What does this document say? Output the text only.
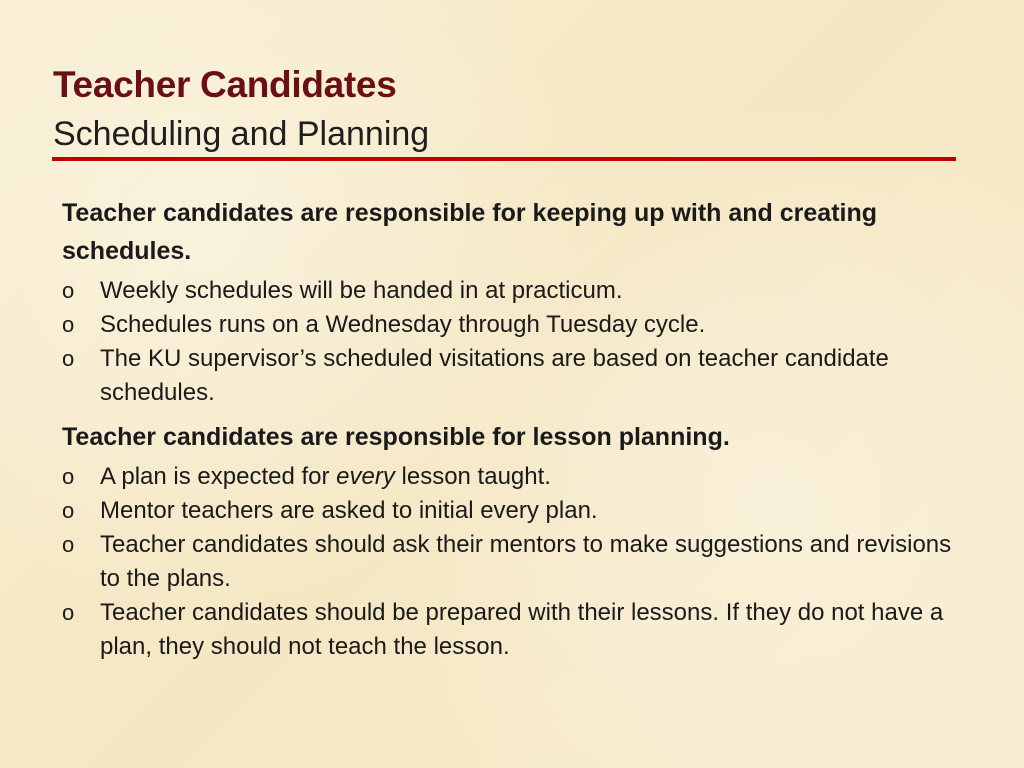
Teacher Candidates
Scheduling and Planning

Teacher candidates are responsible for keeping up with and creating schedules.

o	Weekly schedules will be handed in at practicum.
o	Schedules runs on a Wednesday through Tuesday cycle.
o	The KU supervisor’s scheduled visitations are based on teacher candidate schedules.

Teacher candidates are responsible for lesson planning.

o	A plan is expected for every lesson taught.
o	Mentor teachers are asked to initial every plan.
o	Teacher candidates should ask their mentors to make suggestions and revisions to the plans.
o	Teacher candidates should be prepared with their lessons. If they do not have a plan, they should not teach the lesson.
